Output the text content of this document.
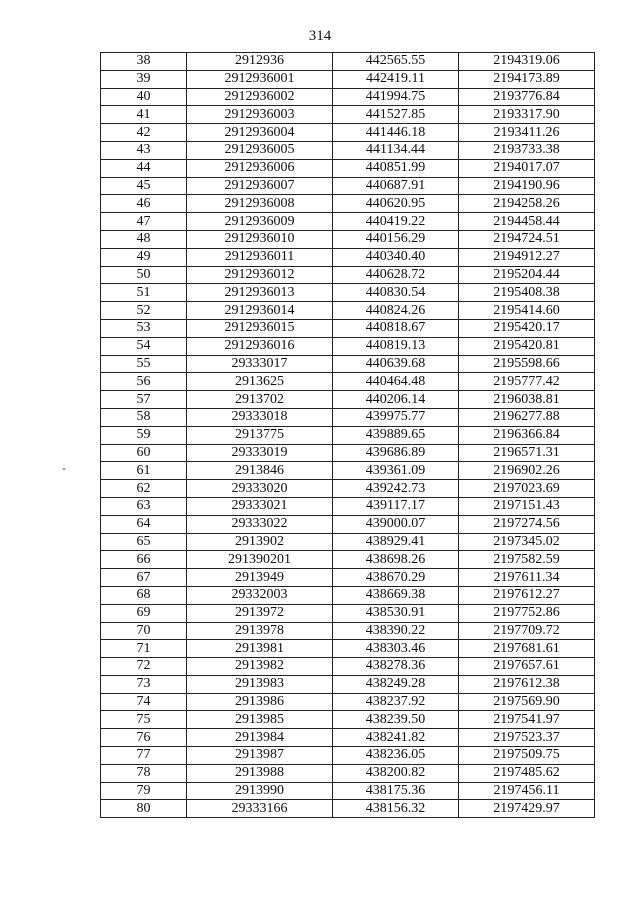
314
-
38	2912936	442565.55	2194319.06
39	2912936001	442419.11	2194173.89
40	2912936002	441994.75	2193776.84
41	2912936003	441527.85	2193317.90
42	2912936004	441446.18	2193411.26
43	2912936005	441134.44	2193733.38
44	2912936006	440851.99	2194017.07
45	2912936007	440687.91	2194190.96
46	2912936008	440620.95	2194258.26
47	2912936009	440419.22	2194458.44
48	2912936010	440156.29	2194724.51
49	2912936011	440340.40	2194912.27
50	2912936012	440628.72	2195204.44
51	2912936013	440830.54	2195408.38
52	2912936014	440824.26	2195414.60
53	2912936015	440818.67	2195420.17
54	2912936016	440819.13	2195420.81
55	29333017	440639.68	2195598.66
56	2913625	440464.48	2195777.42
57	2913702	440206.14	2196038.81
58	29333018	439975.77	2196277.88
59	2913775	439889.65	2196366.84
60	29333019	439686.89	2196571.31
61	2913846	439361.09	2196902.26
62	29333020	439242.73	2197023.69
63	29333021	439117.17	2197151.43
64	29333022	439000.07	2197274.56
65	2913902	438929.41	2197345.02
66	291390201	438698.26	2197582.59
67	2913949	438670.29	2197611.34
68	29332003	438669.38	2197612.27
69	2913972	438530.91	2197752.86
70	2913978	438390.22	2197709.72
71	2913981	438303.46	2197681.61
72	2913982	438278.36	2197657.61
73	2913983	438249.28	2197612.38
74	2913986	438237.92	2197569.90
75	2913985	438239.50	2197541.97
76	2913984	438241.82	2197523.37
77	2913987	438236.05	2197509.75
78	2913988	438200.82	2197485.62
79	2913990	438175.36	2197456.11
80	29333166	438156.32	2197429.97
